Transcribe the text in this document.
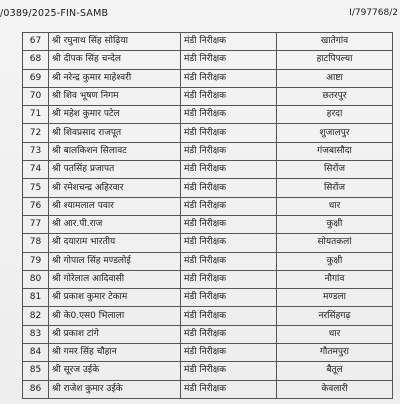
/0389/2025-FIN-SAMB	I/797768/2
67	श्री रघुनाथ सिंह सोढ़िया	मंडी निरीक्षक	खातेगांव
68	श्री दीपक सिंह चन्देल	मंडी निरीक्षक	हाटपिपल्या
69	श्री नरेन्द्र कुमार माहेश्वरी	मंडी निरीक्षक	आष्टा
70	श्री शिव भूषण निगम	मंडी निरीक्षक	छतरपुर
71	श्री महेश कुमार पटेल	मंडी निरीक्षक	हरदा
72	श्री शिवप्रसाद राजपूत	मंडी निरीक्षक	शुजालपुर
73	श्री बालकिशन सिलावट	मंडी निरीक्षक	गंजबासौदा
74	श्री पतसिंह प्रजापत	मंडी निरीक्षक	सिरोंज
75	श्री रमेशचन्द्र अहिरवार	मंडी निरीक्षक	सिरोंज
76	श्री श्यामलाल पवार	मंडी निरीक्षक	धार
77	श्री आर.पी.राज	मंडी निरीक्षक	कुक्षी
78	श्री दयाराम भारतीय	मंडी निरीक्षक	सोयतकलां
79	श्री गोपाल सिंह मण्डलोई	मंडी निरीक्षक	कुक्षी
80	श्री गोरेलाल आदिवासी	मंडी निरीक्षक	नौगांव
81	श्री प्रकाश कुमार टेकाम	मंडी निरीक्षक	मण्डला
82	श्री के0.एस0 भिलाला	मंडी निरीक्षक	नरसिंहगढ़
83	श्री प्रकाश टांगे	मंडी निरीक्षक	धार
84	श्री गमर सिंह चौहान	मंडी निरीक्षक	गौतमपुरा
85	श्री सूरज उईके	मंडी निरीक्षक	बैतूल
86	श्री राजेश कुमार उईके	मंडी निरीक्षक	केवलारी
